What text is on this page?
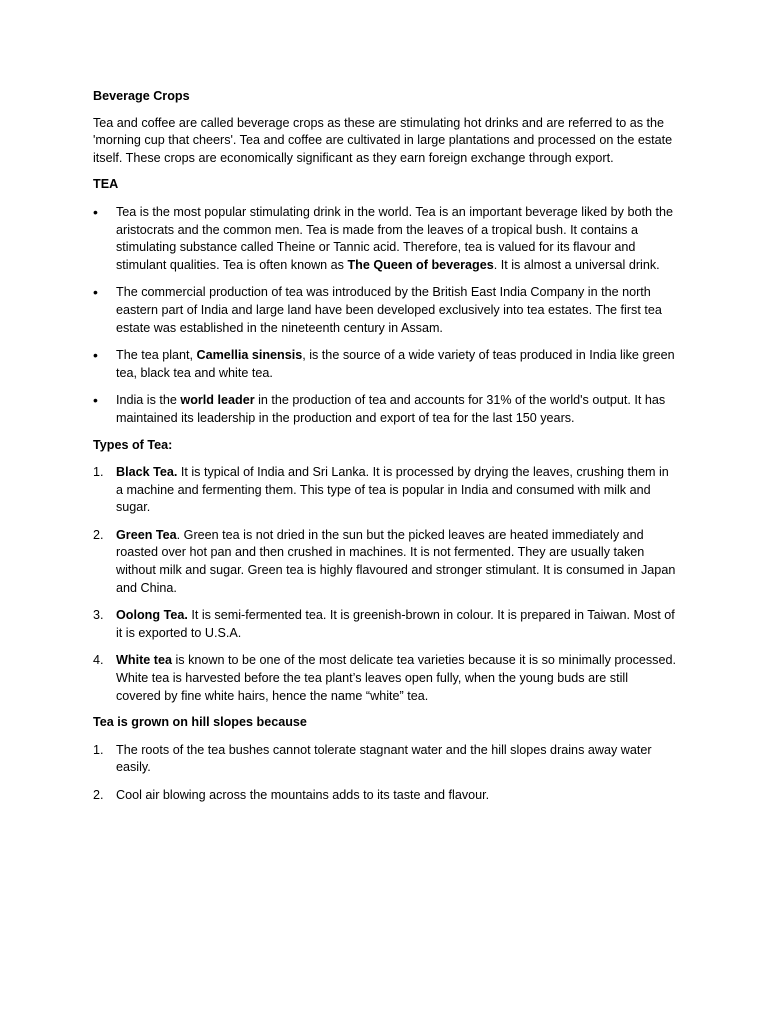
Beverage Crops

Tea and coffee are called beverage crops as these are stimulating hot drinks and are referred to as the 'morning cup that cheers'. Tea and coffee are cultivated in large plantations and processed on the estate itself. These crops are economically significant as they earn foreign exchange through export.

TEA
• Tea is the most popular stimulating drink in the world. Tea is an important beverage liked by both the aristocrats and the common men. Tea is made from the leaves of a tropical bush. It contains a stimulating substance called Theine or Tannic acid. Therefore, tea is valued for its flavour and stimulant qualities. Tea is often known as The Queen of beverages. It is almost a universal drink.
• The commercial production of tea was introduced by the British East India Company in the north eastern part of India and large land have been developed exclusively into tea estates. The first tea estate was established in the nineteenth century in Assam.
• The tea plant, Camellia sinensis, is the source of a wide variety of teas produced in India like green tea, black tea and white tea.
• India is the world leader in the production of tea and accounts for 31% of the world's output. It has maintained its leadership in the production and export of tea for the last 150 years.
Types of Tea:
1. Black Tea. It is typical of India and Sri Lanka. It is processed by drying the leaves, crushing them in a machine and fermenting them. This type of tea is popular in India and consumed with milk and sugar.
2. Green Tea. Green tea is not dried in the sun but the picked leaves are heated immediately and roasted over hot pan and then crushed in machines. It is not fermented. They are usually taken without milk and sugar. Green tea is highly flavoured and stronger stimulant. It is consumed in Japan and China.
3. Oolong Tea. It is semi-fermented tea. It is greenish-brown in colour. It is prepared in Taiwan. Most of it is exported to U.S.A.
4. White tea is known to be one of the most delicate tea varieties because it is so minimally processed. White tea is harvested before the tea plant’s leaves open fully, when the young buds are still covered by fine white hairs, hence the name “white” tea.
Tea is grown on hill slopes because
1. The roots of the tea bushes cannot tolerate stagnant water and the hill slopes drains away water easily.
2. Cool air blowing across the mountains adds to its taste and flavour.
